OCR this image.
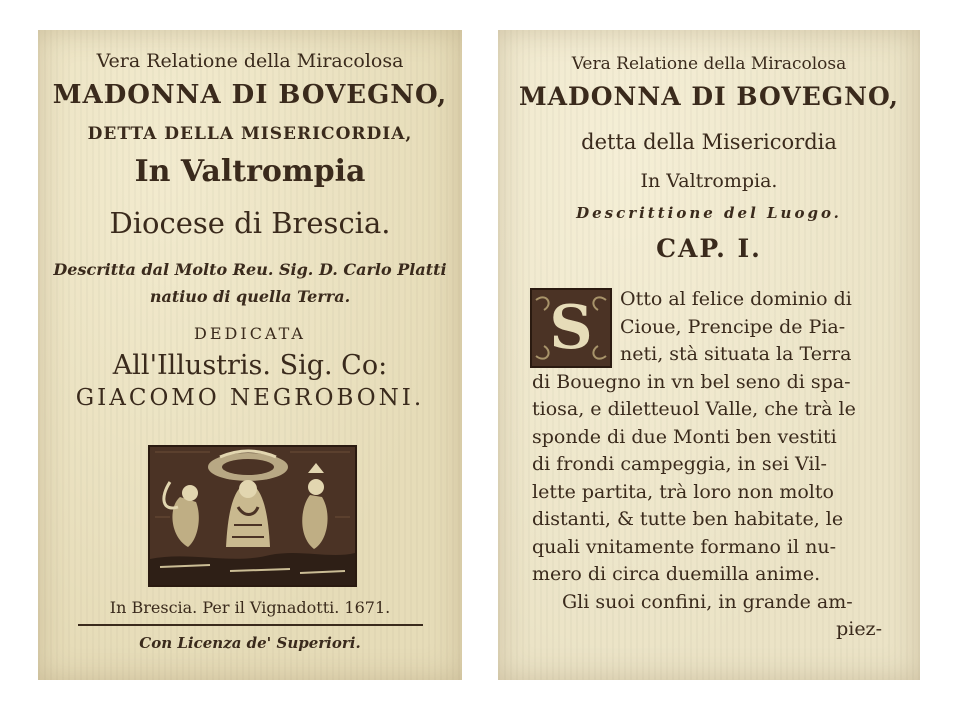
Vera Relatione della Miracolosa
MADONNA DI BOVEGNO,
DETTA DELLA MISERICORDIA,
In Valtrompia
Diocese di Brescia.
Descritta dal Molto Reu. Sig. D. Carlo Platti
natiuo di quella Terra.
DEDICATA
All'Illustris. Sig. Co:
GIACOMO NEGROBONI.
In Brescia. Per il Vignadotti. 1671.
Con Licenza de' Superiori.
Vera Relatione della Miracolosa
MADONNA DI BOVEGNO,
detta della Misericordia
In Valtrompia.
Descrittione del Luogo.
CAP. I.
S	Otto al felice dominio di
Cioue, Prencipe de Pia-
neti, stà situata la Terra
di Bouegno in vn bel seno di spa-
tiosa, e diletteuol Valle, che trà le
sponde di due Monti ben vestiti
di frondi campeggia, in sei Vil-
lette partita, trà loro non molto
distanti, & tutte ben habitate, le
quali vnitamente formano il nu-
mero di circa duemilla anime.
Gli suoi confini, in grande am-
piez-
